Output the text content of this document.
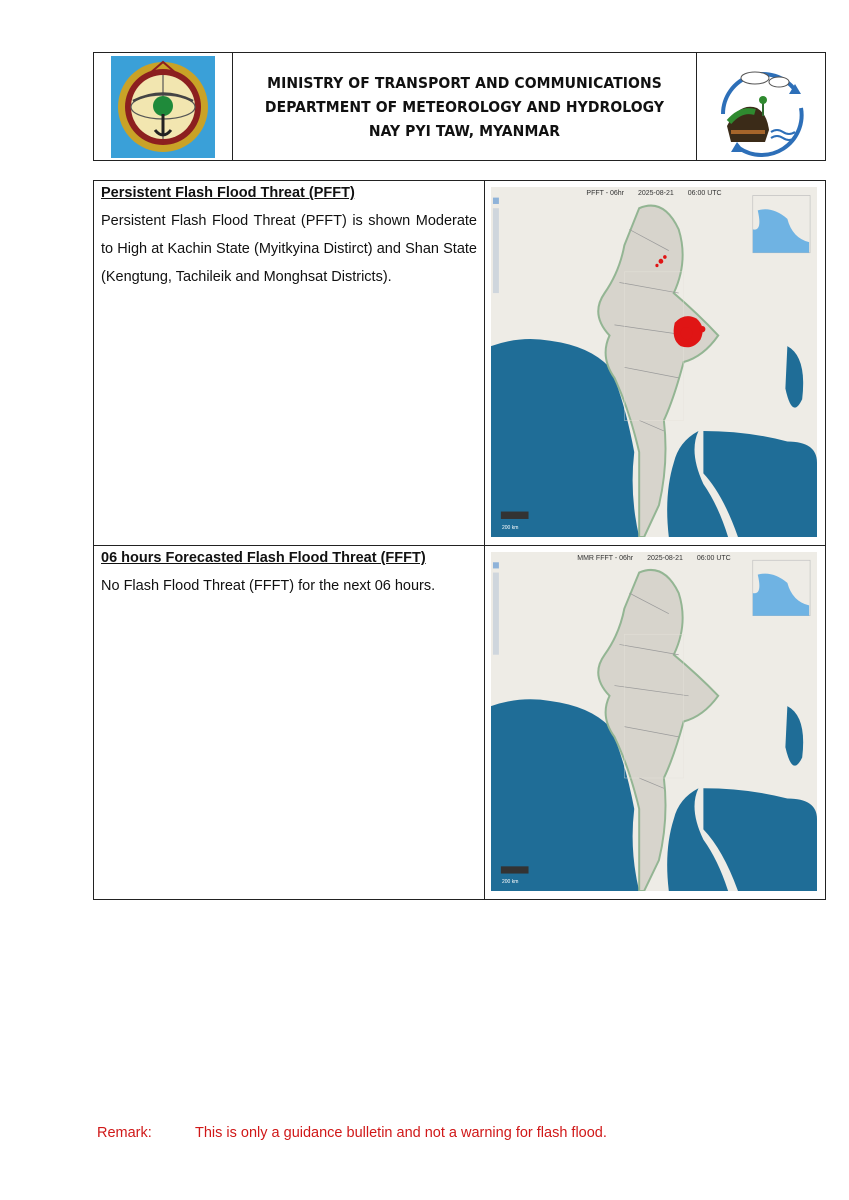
MINISTRY OF TRANSPORT AND COMMUNICATIONS
DEPARTMENT OF METEOROLOGY AND HYDROLOGY
NAY PYI TAW, MYANMAR

Persistent Flash Flood Threat (PFFT)

Persistent Flash Flood Threat (PFFT) is shown Moderate to High at Kachin State (Myitkyina Distirct) and Shan State (Kengtung, Tachileik and Monghsat Districts).

PFFT - 06hr 2025-08-21 06:00 UTC
200 km

06 hours Forecasted Flash Flood Threat (FFFT)

No Flash Flood Threat (FFFT) for the next 06 hours.

MMR FFFT - 06hr 2025-08-21 06:00 UTC
200 km
Remark:	This is only a guidance bulletin and not a warning for flash flood.
